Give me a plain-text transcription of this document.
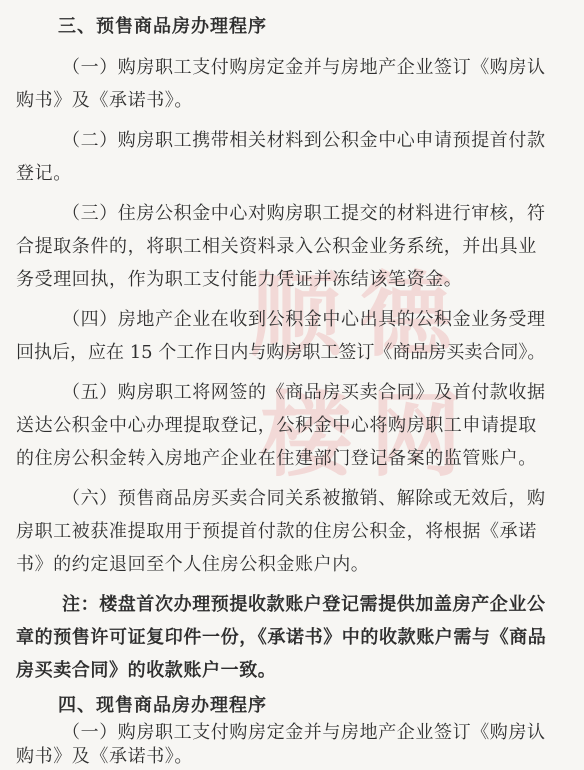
顺 德
楼 网
三、预售商品房办理程序
（一）购房职工支付购房定金并与房地产企业签订《购房认
购书》及《承诺书》。
（二）购房职工携带相关材料到公积金中心申请预提首付款
登记。
（三）住房公积金中心对购房职工提交的材料进行审核，符
合提取条件的，将职工相关资料录入公积金业务系统，并出具业
务受理回执，作为职工支付能力凭证并冻结该笔资金。
（四）房地产企业在收到公积金中心出具的公积金业务受理
回执后，应在 15 个工作日内与购房职工签订《商品房买卖合同》。
（五）购房职工将网签的《商品房买卖合同》及首付款收据
送达公积金中心办理提取登记，公积金中心将购房职工申请提取
的住房公积金转入房地产企业在住建部门登记备案的监管账户。
（六）预售商品房买卖合同关系被撤销、解除或无效后，购
房职工被获准提取用于预提首付款的住房公积金，将根据《承诺
书》的约定退回至个人住房公积金账户内。
注：楼盘首次办理预提收款账户登记需提供加盖房产企业公
章的预售许可证复印件一份，《承诺书》中的收款账户需与《商品
房买卖合同》的收款账户一致。
四、现售商品房办理程序
（一）购房职工支付购房定金并与房地产企业签订《购房认
购书》及《承诺书》。
